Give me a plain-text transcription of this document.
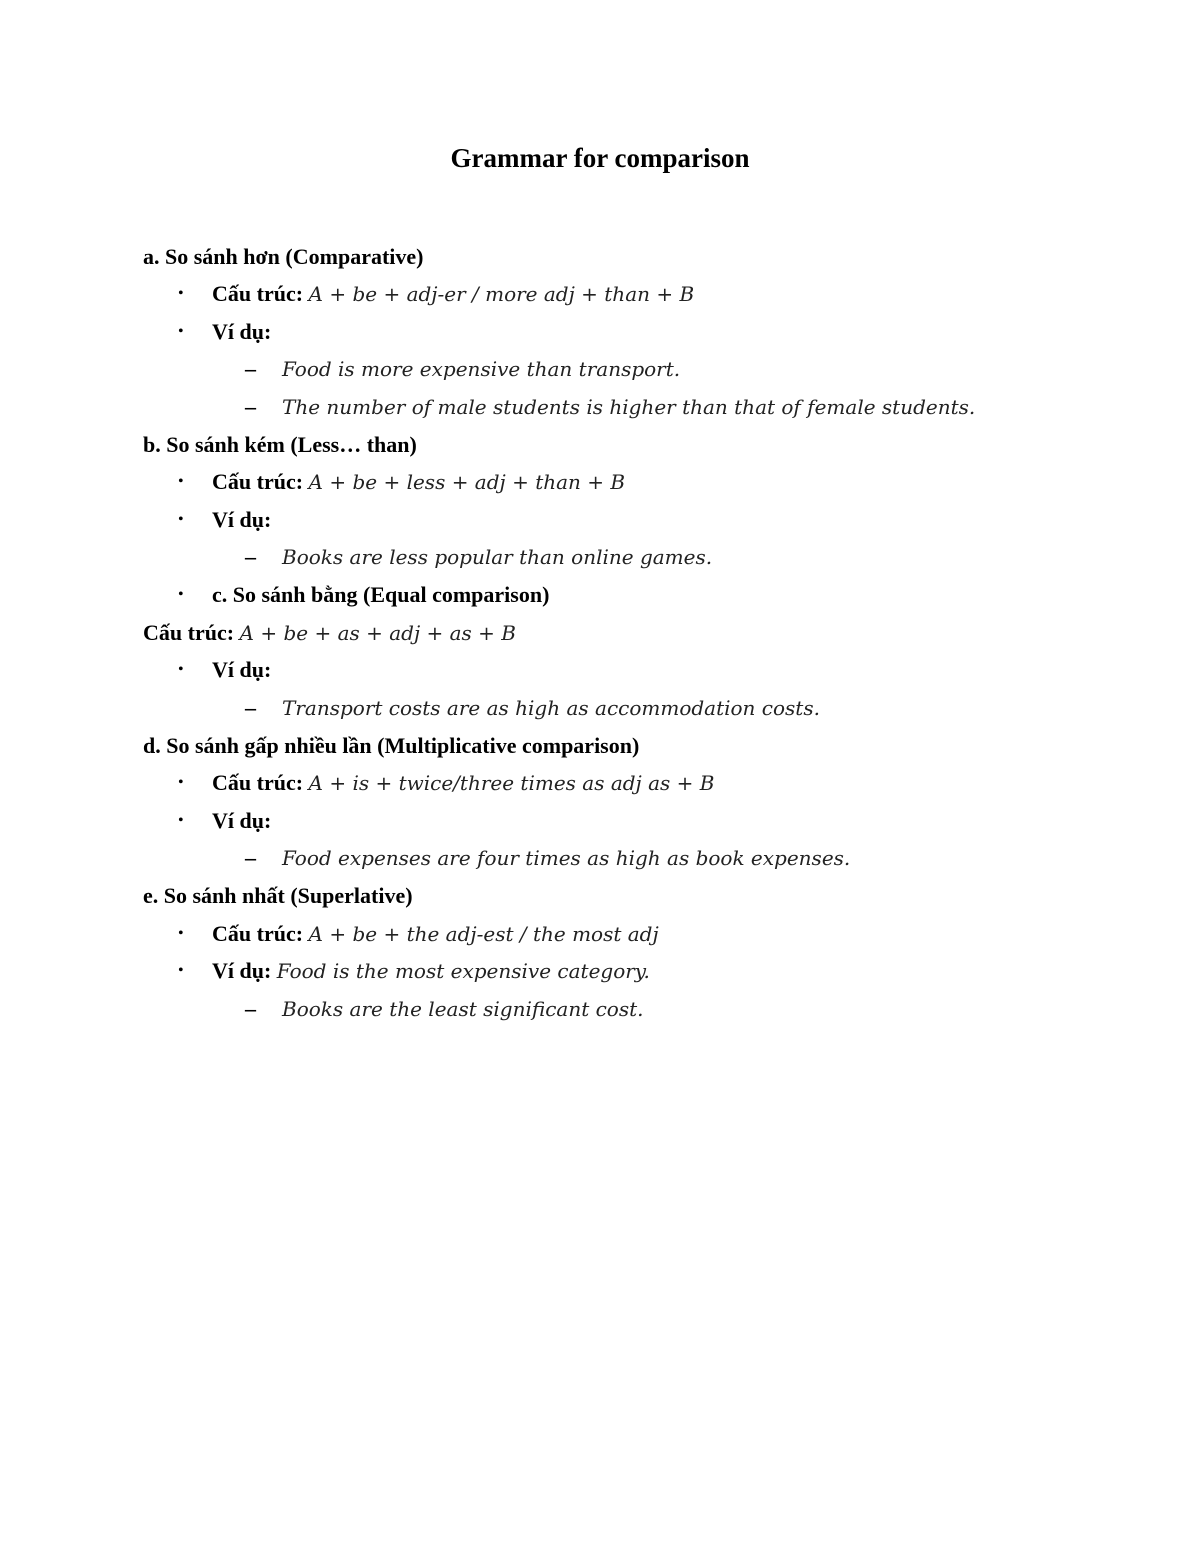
Grammar for comparison
a. So sánh hơn (Comparative)
• Cấu trúc: A + be + adj-er / more adj + than + B
• Ví dụ:
– Food is more expensive than transport.
– The number of male students is higher than that of female students.
b. So sánh kém (Less… than)
• Cấu trúc: A + be + less + adj + than + B
• Ví dụ:
– Books are less popular than online games.
• c. So sánh bằng (Equal comparison)
Cấu trúc: A + be + as + adj + as + B
• Ví dụ:
– Transport costs are as high as accommodation costs.
d. So sánh gấp nhiều lần (Multiplicative comparison)
• Cấu trúc: A + is + twice/three times as adj as + B
• Ví dụ:
– Food expenses are four times as high as book expenses.
e. So sánh nhất (Superlative)
• Cấu trúc: A + be + the adj-est / the most adj
• Ví dụ: Food is the most expensive category.
– Books are the least significant cost.
